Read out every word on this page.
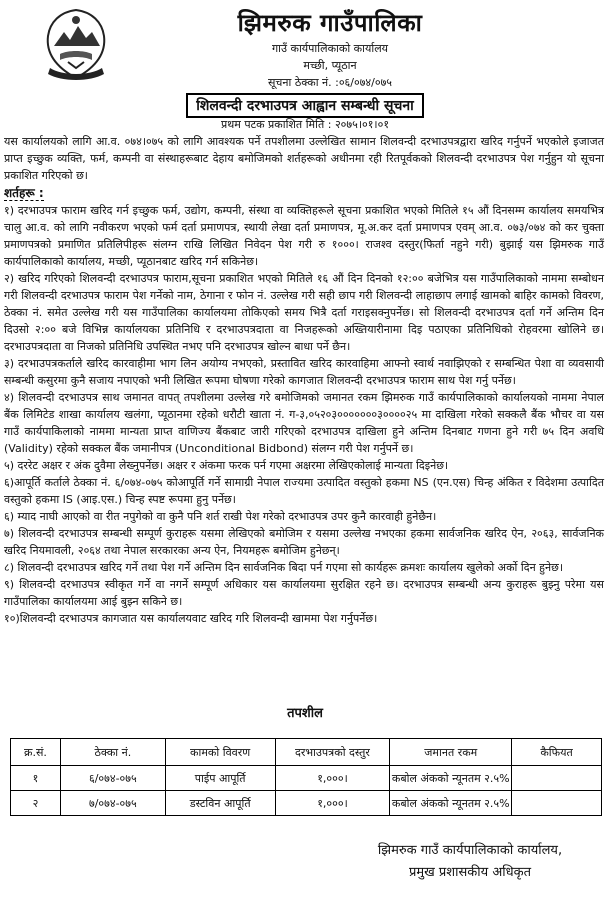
झिमरुक गाउँपालिका
गाउँ कार्यपालिकाको कार्यालय
मच्छी, प्यूठान
सूचना ठेक्का नं. :०६/०७४/०७५
शिलवन्दी दरभाउपत्र आह्वान सम्बन्धी सूचना
प्रथम पटक प्रकाशित मिति : २०७५।०१।०१

यस कार्यालयको लागि आ.व. ०७४।०७५ को लागि आवश्यक पर्ने तपशीलमा उल्लेखित सामान शिलवन्दी दरभाउपत्रद्वारा खरिद गर्नुपर्ने भएकोले इजाजत प्राप्त इच्छुक व्यक्ति, फर्म, कम्पनी वा संस्थाहरूबाट देहाय बमोजिमको शर्तहरूको अधीनमा रही रितपूर्वकको शिलवन्दी दरभाउपत्र पेश गर्नुहुन यो सूचना प्रकाशित गरिएको छ।

शर्तहरू :
१) दरभाउपत्र फाराम खरिद गर्न इच्छुक फर्म, उद्योग, कम्पनी, संस्था वा व्यक्तिहरूले सूचना प्रकाशित भएको मितिले १५ औं दिनसम्म कार्यालय समयभित्र चालु आ.व. को लागि नवीकरण भएको फर्म दर्ता प्रमाणपत्र, स्थायी लेखा दर्ता प्रमाणपत्र, मू.अ.कर दर्ता प्रमाणपत्र एवम् आ.व. ०७३/०७४ को कर चुक्ता प्रमाणपत्रको प्रमाणित प्रतिलिपीहरू संलग्न राखि लिखित निवेदन पेश गरी रु १०००। राजश्व दस्तुर(फिर्ता नहुने गरी) बुझाई यस झिमरुक गाउँ कार्यपालिकाको कार्यालय, मच्छी, प्यूठानबाट खरिद गर्न सकिनेछ।
२) खरिद गरिएको शिलवन्दी दरभाउपत्र फाराम,सूचना प्रकाशित भएको मितिले १६ औं दिन दिनको १२:०० बजेभित्र यस गाउँपालिकाको नाममा सम्बोधन गरी शिलवन्दी दरभाउपत्र फाराम पेश गर्नेको नाम, ठेगाना र फोन नं. उल्लेख गरी सही छाप गरी शिलवन्दी लाहाछाप लगाई खामको बाहिर कामको विवरण, ठेक्का नं. समेत उल्लेख गरी यस गाउँपालिका कार्यालयमा तोकिएको समय भित्रै दर्ता गराइसक्नुपर्नेछ। सो शिलवन्दी दरभाउपत्र दर्ता गर्ने अन्तिम दिन दिउसो २:०० बजे विभिन्न कार्यालयका प्रतिनिधि र दरभाउपत्रदाता वा निजहरूको अख्तियारीनामा दिइ पठाएका प्रतिनिधिको रोहवरमा खोलिने छ। दरभाउपत्रदाता वा निजको प्रतिनिधि उपस्थित नभए पनि दरभाउपत्र खोल्न बाधा पर्ने छैन।
३) दरभाउपत्रकर्ताले खरिद कारवाहीमा भाग लिन अयोग्य नभएको, प्रस्तावित खरिद कारवाहिमा आफ्नो स्वार्थ नवाझिएको र सम्बन्धित पेशा वा व्यवसायी सम्बन्धी कसुरमा कुनै सजाय नपाएको भनी लिखित रूपमा घोषणा गरेको कागजात शिलवन्दी दरभाउपत्र फाराम साथ पेश गर्नु पर्नेछ।
४) शिलवन्दी दरभाउपत्र साथ जमानत वापत् तपशीलमा उल्लेख गरे बमोजिमको जमानत रकम झिमरुक गाउँ कार्यपालिकाको कार्यालयको नाममा नेपाल बैंक लिमिटेड शाखा कार्यालय खलंगा, प्यूठानमा रहेको धरौटी खाता नं. ग-३,०५२०३०००००००३००००२५ मा दाखिला गरेको सक्कलै बैंक भौचर वा यस गाउँ कार्यपाकिलाको नाममा मान्यता प्राप्त वाणिज्य बैंकबाट जारी गरिएको दरभाउपत्र दाखिला हुने अन्तिम दिनबाट गणना हुने गरी ७५ दिन अवधि (Validity) रहेको सक्कल बैंक जमानीपत्र (Unconditional Bidbond) संलग्न गरी पेश गर्नुपर्ने छ।
५) दररेट अक्षर र अंक दुवैमा लेख्नुपर्नेछ। अक्षर र अंकमा फरक पर्न गएमा अक्षरमा लेखिएकोलाई मान्यता दिइनेछ।
६)आपूर्ति कर्ताले ठेक्का नं. ६/०७४-०७५ कोआपूर्ति गर्ने सामाग्री नेपाल राज्यमा उत्पादित वस्तुको हकमा NS (एन.एस) चिन्ह अंकित र विदेशमा उत्पादित वस्तुको हकमा IS (आइ.एस.) चिन्ह स्पष्ट रूपमा हुनु पर्नेछ।
६) म्याद नाघी आएको वा रीत नपुगेको वा कुनै पनि शर्त राखी पेश गरेको दरभाउपत्र उपर कुनै कारवाही हुनेछैन।
७) शिलवन्दी दरभाउपत्र सम्बन्धी सम्पूर्ण कुराहरू यसमा लेखिएको बमोजिम र यसमा उल्लेख नभएका हकमा सार्वजनिक खरिद ऐन, २०६३, सार्वजनिक खरिद नियमावली, २०६४ तथा नेपाल सरकारका अन्य ऐन, नियमहरू बमोजिम हुनेछन्।
८) शिलवन्दी दरभाउपत्र खरिद गर्ने तथा पेश गर्ने अन्तिम दिन सार्वजनिक बिदा पर्न गएमा सो कार्यहरू क्रमशः कार्यालय खुलेको अर्को दिन हुनेछ।
९) शिलवन्दी दरभाउपत्र स्वीकृत गर्ने वा नगर्ने सम्पूर्ण अधिकार यस कार्यालयमा सुरक्षित रहने छ। दरभाउपत्र सम्बन्धी अन्य कुराहरू बुझ्नु परेमा यस गाउँपालिका कार्यालयमा आई बुझ्न सकिने छ।
१०)शिलवन्दी दरभाउपत्र कागजात यस कार्यालयवाट खरिद गरि शिलवन्दी खाममा पेश गर्नुपर्नेछ।
तपशील
क्र.सं.	ठेक्का नं.	कामको विवरण	दरभाउपत्रको दस्तुर	जमानत रकम	कैफियत
१	६/०७४-०७५	पाईप आपूर्ति	१,०००।	कबोल अंकको न्यूनतम २.५%	
२	७/०७४-०७५	डस्टविन आपूर्ति	१,०००।	कबोल अंकको न्यूनतम २.५%	
झिमरुक गाउँ कार्यपालिकाको कार्यालय,
प्रमुख प्रशासकीय अधिकृत
